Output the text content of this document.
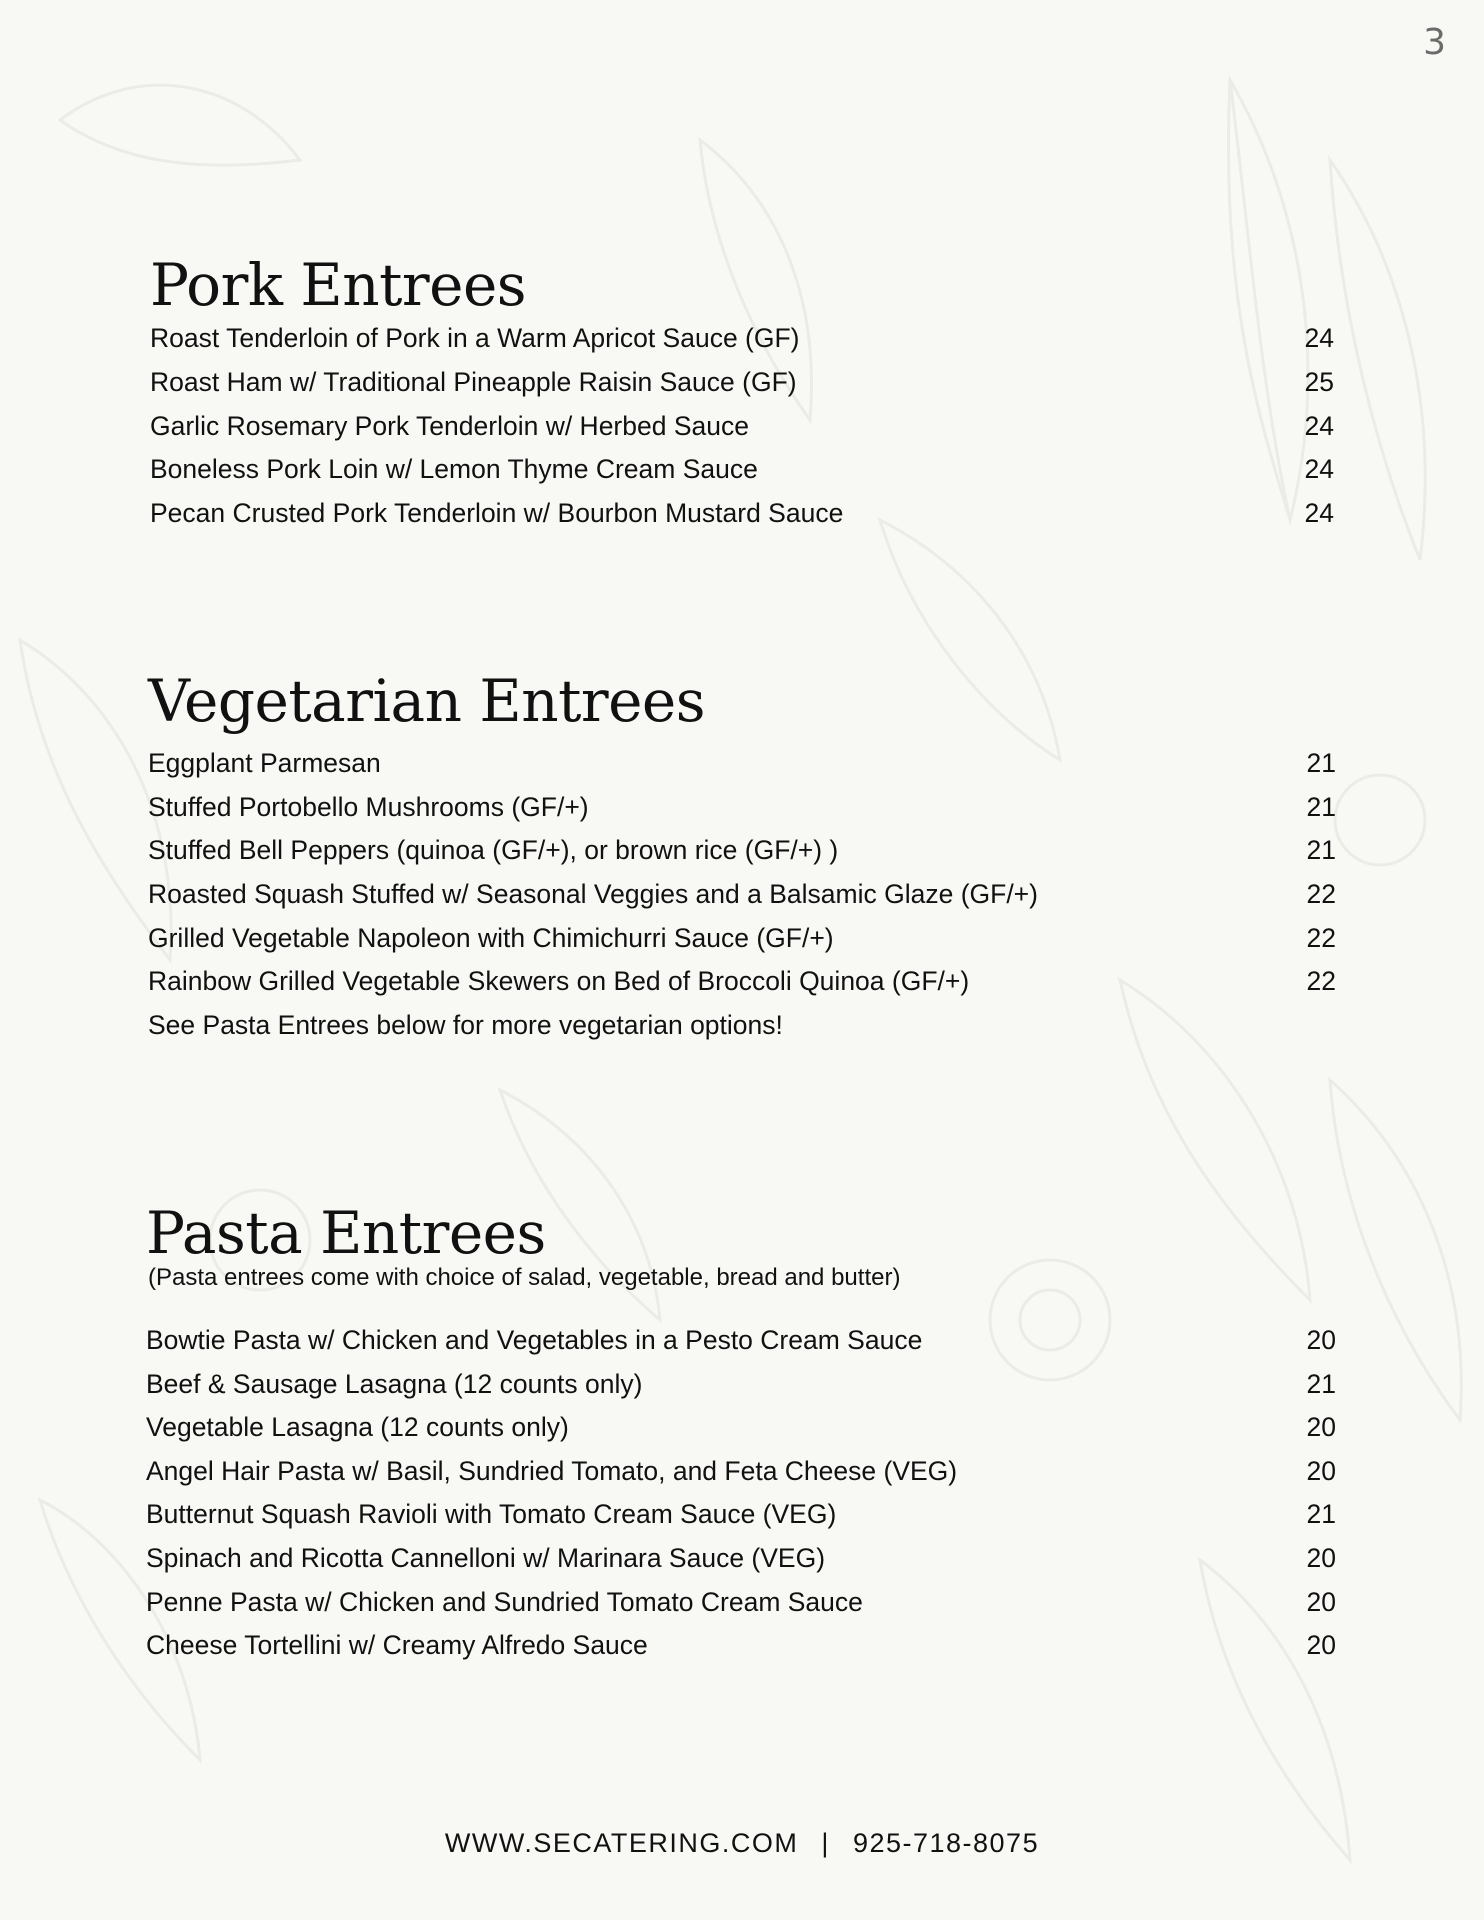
3
Pork Entrees
Roast Tenderloin of Pork in a Warm Apricot Sauce (GF)	24
Roast Ham w/ Traditional Pineapple Raisin Sauce (GF)	25
Garlic Rosemary Pork Tenderloin w/ Herbed Sauce	24
Boneless Pork Loin w/ Lemon Thyme Cream Sauce	24
Pecan Crusted Pork Tenderloin w/ Bourbon Mustard Sauce	24
Vegetarian Entrees
Eggplant Parmesan	21
Stuffed Portobello Mushrooms (GF/+)	21
Stuffed Bell Peppers (quinoa (GF/+), or brown rice (GF/+) )	21
Roasted Squash Stuffed w/ Seasonal Veggies and a Balsamic Glaze (GF/+)	22
Grilled Vegetable Napoleon with Chimichurri Sauce (GF/+)	22
Rainbow Grilled Vegetable Skewers on Bed of Broccoli Quinoa (GF/+)	22
See Pasta Entrees below for more vegetarian options!
Pasta Entrees
(Pasta entrees come with choice of salad, vegetable, bread and butter)
Bowtie Pasta w/ Chicken and Vegetables in a Pesto Cream Sauce	20
Beef & Sausage Lasagna (12 counts only)	21
Vegetable Lasagna (12 counts only)	20
Angel Hair Pasta w/ Basil, Sundried Tomato, and Feta Cheese (VEG)	20
Butternut Squash Ravioli with Tomato Cream Sauce (VEG)	21
Spinach and Ricotta Cannelloni w/ Marinara Sauce (VEG)	20
Penne Pasta w/ Chicken and Sundried Tomato Cream Sauce	20
Cheese Tortellini w/ Creamy Alfredo Sauce	20
WWW.SECATERING.COM | 925-718-8075
